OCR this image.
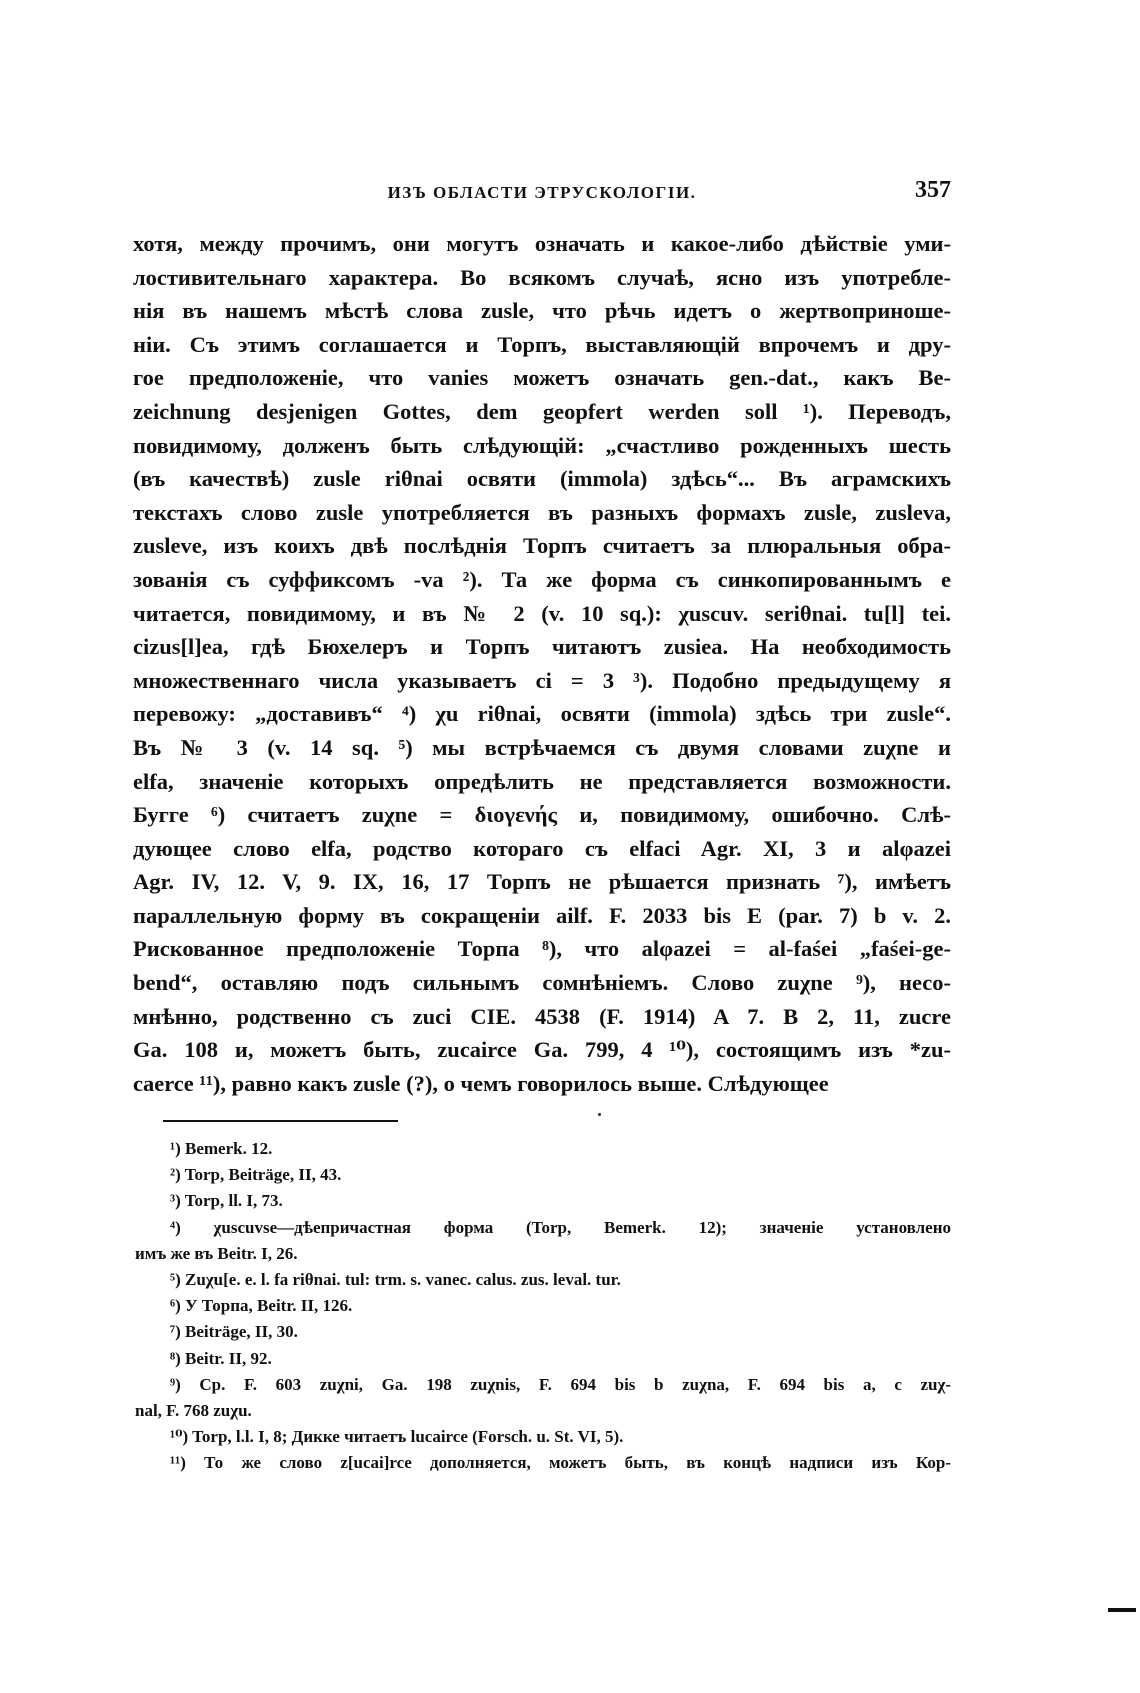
ИЗЪ ОБЛАСТИ ЭТРУСКОЛОГІИ.	357
хотя, между прочимъ, они могутъ означать и какое-либо дѣйствіе уми-
лостивительнаго характера. Во всякомъ случаѣ, ясно изъ употребле-
нія въ нашемъ мѣстѣ слова zusle, что рѣчь идетъ о жертвоприноше-
ніи. Съ этимъ соглашается и Торпъ, выставляющій впрочемъ и дру-
гое предположеніе, что vanies можетъ означать gen.-dat., какъ Be-
zeichnung desjenigen Gottes, dem geopfert werden soll ¹). Переводъ,
повидимому, долженъ быть слѣдующій: „счастливо рожденныхъ шесть
(въ качествѣ) zusle riθnai освяти (immola) здѣсь“... Въ аграмскихъ
текстахъ слово zusle употребляется въ разныхъ формахъ zusle, zusleva,
zusleve, изъ коихъ двѣ послѣднія Торпъ считаетъ за плюральныя обра-
зованія съ суффиксомъ -va ²). Та же форма съ синкопированнымъ e
читается, повидимому, и въ № 2 (v. 10 sq.): χuscuv. seriθnai. tu[l] tei.
cizus[l]ea, гдѣ Бюхелеръ и Торпъ читаютъ zusiea. На необходимость
множественнаго числа указываетъ ci = 3 ³). Подобно предыдущему я
перевожу: „доставивъ“ ⁴) χu riθnai, освяти (immola) здѣсь три zusle“.
Въ № 3 (v. 14 sq. ⁵) мы встрѣчаемся съ двумя словами zuχne и
elfa, значеніе которыхъ опредѣлить не представляется возможности.
Бугге ⁶) считаетъ zuχne = διογενής и, повидимому, ошибочно. Слѣ-
дующее слово elfa, родство котораго съ elfaci Agr. XI, 3 и alφazei
Agr. IV, 12. V, 9. IX, 16, 17 Торпъ не рѣшается признать ⁷), имѣетъ
параллельную форму въ сокращеніи ailf. F. 2033 bis E (par. 7) b v. 2.
Рискованное предположеніе Торпа ⁸), что alφazei = al-faśei „faśei-ge-
bend“, оставляю подъ сильнымъ сомнѣніемъ. Слово zuχne ⁹), несо-
мнѣнно, родственно съ zuci CIE. 4538 (F. 1914) A 7. B 2, 11, zucre
Ga. 108 и, можетъ быть, zucairce Ga. 799, 4 ¹⁰), состоящимъ изъ *zu-
caerce ¹¹), равно какъ zusle (?), о чемъ говорилось выше. Слѣдующее
¹) Bemerk. 12.
²) Torp, Beiträge, II, 43.
³) Torp, ll. I, 73.
⁴) χuscuvse—дѣепричастная форма (Torp, Bemerk. 12); значеніе установлено
имъ же въ Beitr. I, 26.
⁵) Zuχu[e. e. l. fa riθnai. tul: trm. s. vanec. calus. zus. leval. tur.
⁶) У Торпа, Beitr. II, 126.
⁷) Beiträge, II, 30.
⁸) Beitr. II, 92.
⁹) Ср. F. 603 zuχni, Ga. 198 zuχnis, F. 694 bis b zuχna, F. 694 bis a, c zuχ-
nal, F. 768 zuχu.
¹⁰) Torp, l.l. I, 8; Дикке читаетъ lucairce (Forsch. u. St. VI, 5).
¹¹) То же слово z[ucai]rce дополняется, можетъ быть, въ концѣ надписи изъ Кор-
